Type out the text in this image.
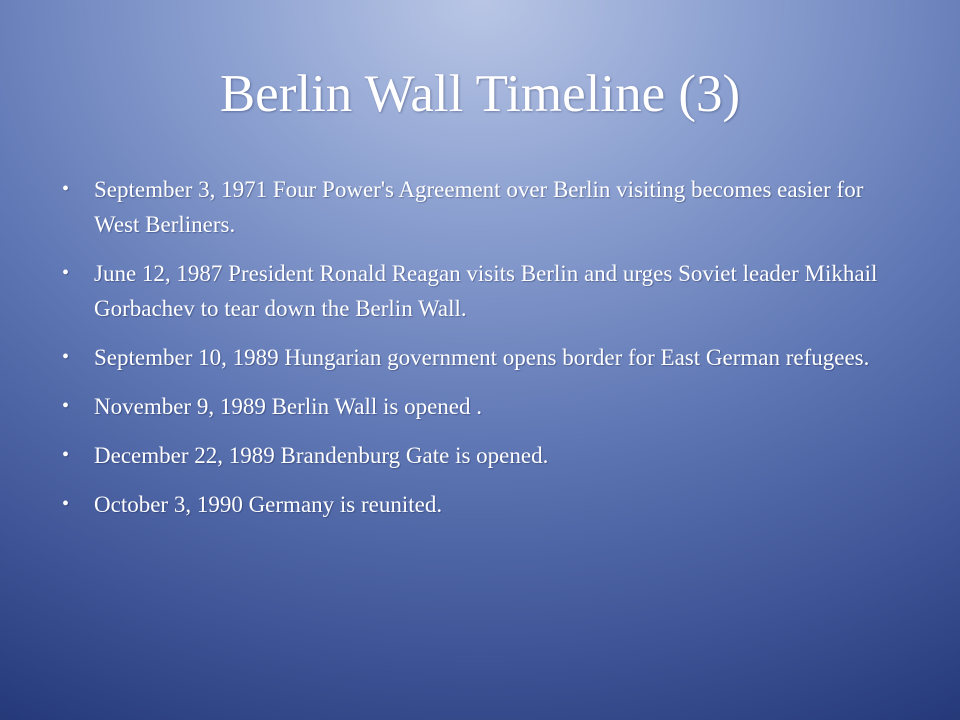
Berlin Wall Timeline (3)
• September 3, 1971 Four Power's Agreement over Berlin visiting becomes easier for West Berliners.
• June 12, 1987 President Ronald Reagan visits Berlin and urges Soviet leader Mikhail Gorbachev to tear down the Berlin Wall.
• September 10, 1989 Hungarian government opens border for East German refugees.
• November 9, 1989 Berlin Wall is opened .
• December 22, 1989 Brandenburg Gate is opened.
• October 3, 1990 Germany is reunited.
